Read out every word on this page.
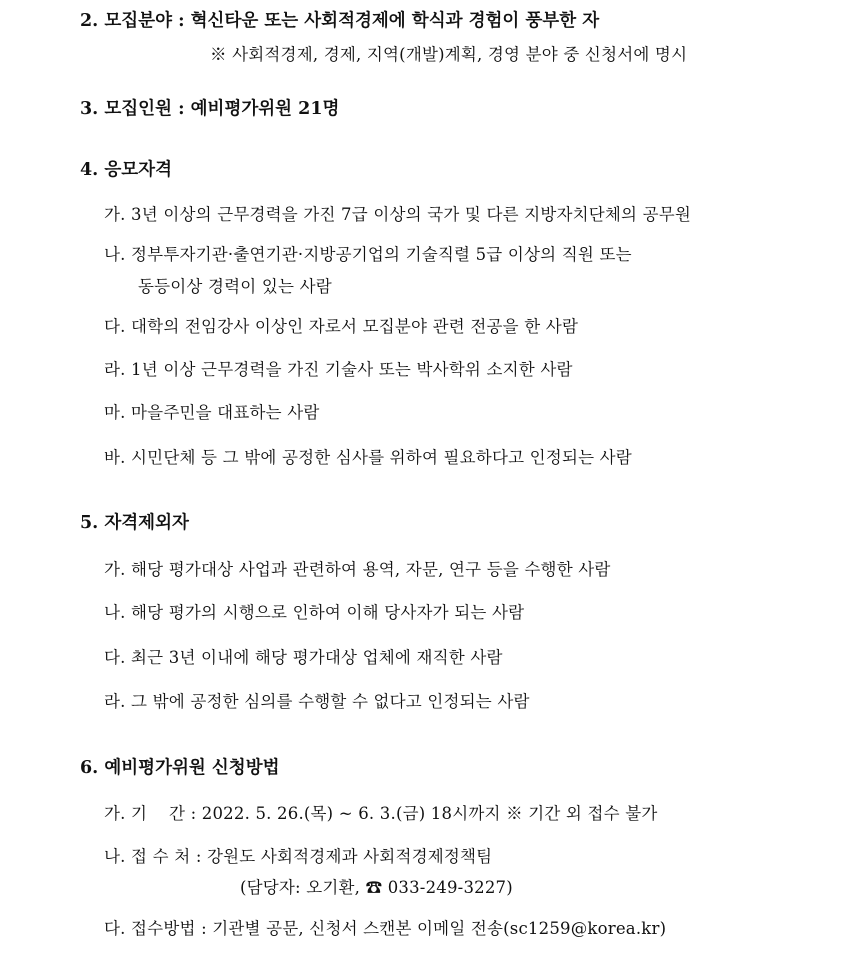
2. 모집분야 : 혁신타운 또는 사회적경제에 학식과 경험이 풍부한 자
※ 사회적경제, 경제, 지역(개발)계획, 경영 분야 중 신청서에 명시
3. 모집인원 : 예비평가위원 21명
4. 응모자격
가. 3년 이상의 근무경력을 가진 7급 이상의 국가 및 다른 지방자치단체의 공무원
나. 정부투자기관·출연기관·지방공기업의 기술직렬 5급 이상의 직원 또는
동등이상 경력이 있는 사람
다. 대학의 전임강사 이상인 자로서 모집분야 관련 전공을 한 사람
라. 1년 이상 근무경력을 가진 기술사 또는 박사학위 소지한 사람
마. 마을주민을 대표하는 사람
바. 시민단체 등 그 밖에 공정한 심사를 위하여 필요하다고 인정되는 사람
5. 자격제외자
가. 해당 평가대상 사업과 관련하여 용역, 자문, 연구 등을 수행한 사람
나. 해당 평가의 시행으로 인하여 이해 당사자가 되는 사람
다. 최근 3년 이내에 해당 평가대상 업체에 재직한 사람
라. 그 밖에 공정한 심의를 수행할 수 없다고 인정되는 사람
6. 예비평가위원 신청방법
가. 기    간 : 2022. 5. 26.(목) ~ 6. 3.(금) 18시까지 ※ 기간 외 접수 불가
나. 접 수 처 : 강원도 사회적경제과 사회적경제정책팀
(담당자: 오기환, ☎ 033-249-3227)
다. 접수방법 : 기관별 공문, 신청서 스캔본 이메일 전송(sc1259@korea.kr)
